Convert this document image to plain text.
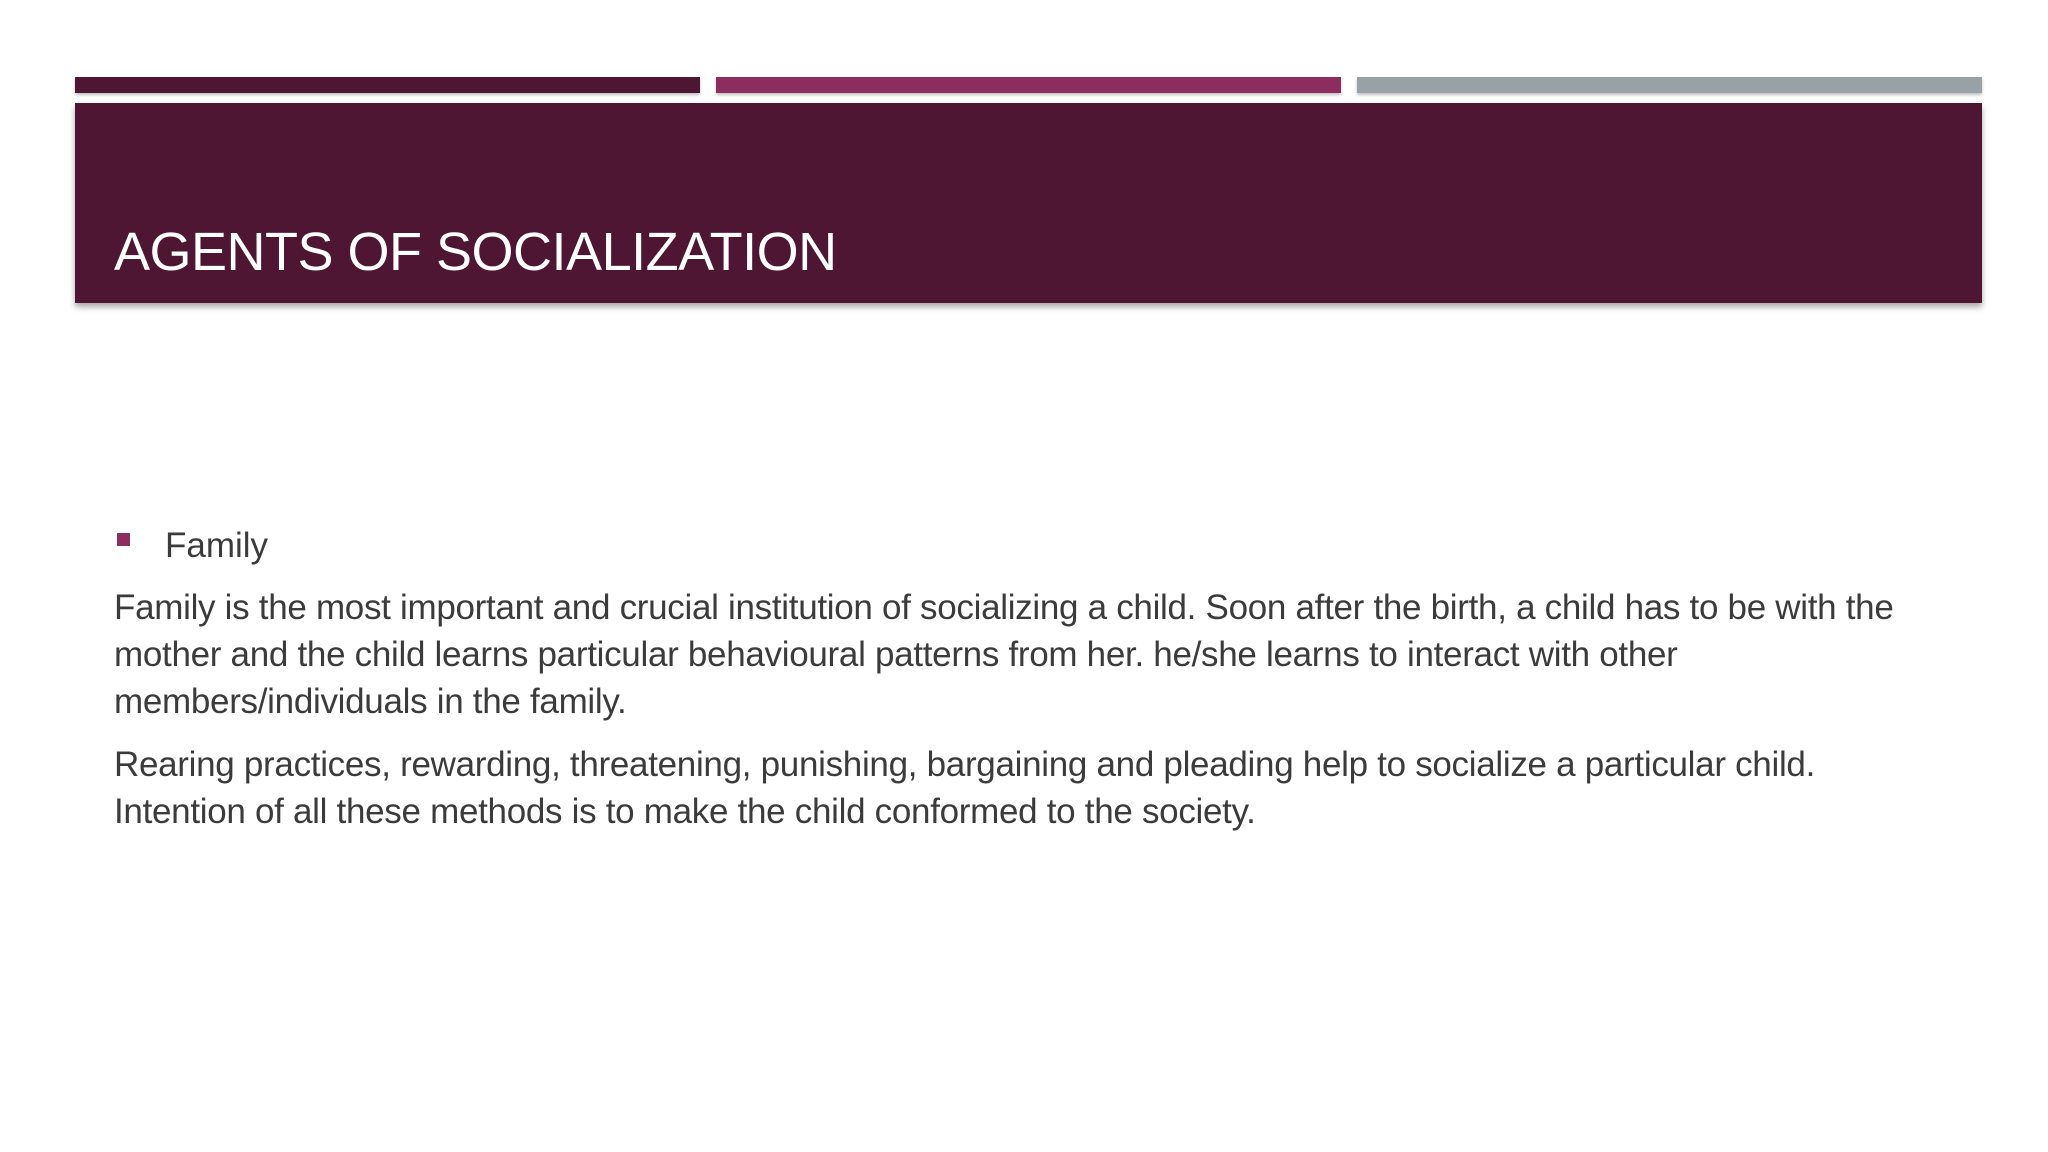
AGENTS OF SOCIALIZATION
Family

Family is the most important and crucial institution of socializing a child. Soon after the birth, a child has to be with the mother and the child learns particular behavioural patterns from her. he/she learns to interact with other members/individuals in the family.

Rearing practices, rewarding, threatening, punishing, bargaining and pleading help to socialize a particular child. Intention of all these methods is to make the child conformed to the society.
